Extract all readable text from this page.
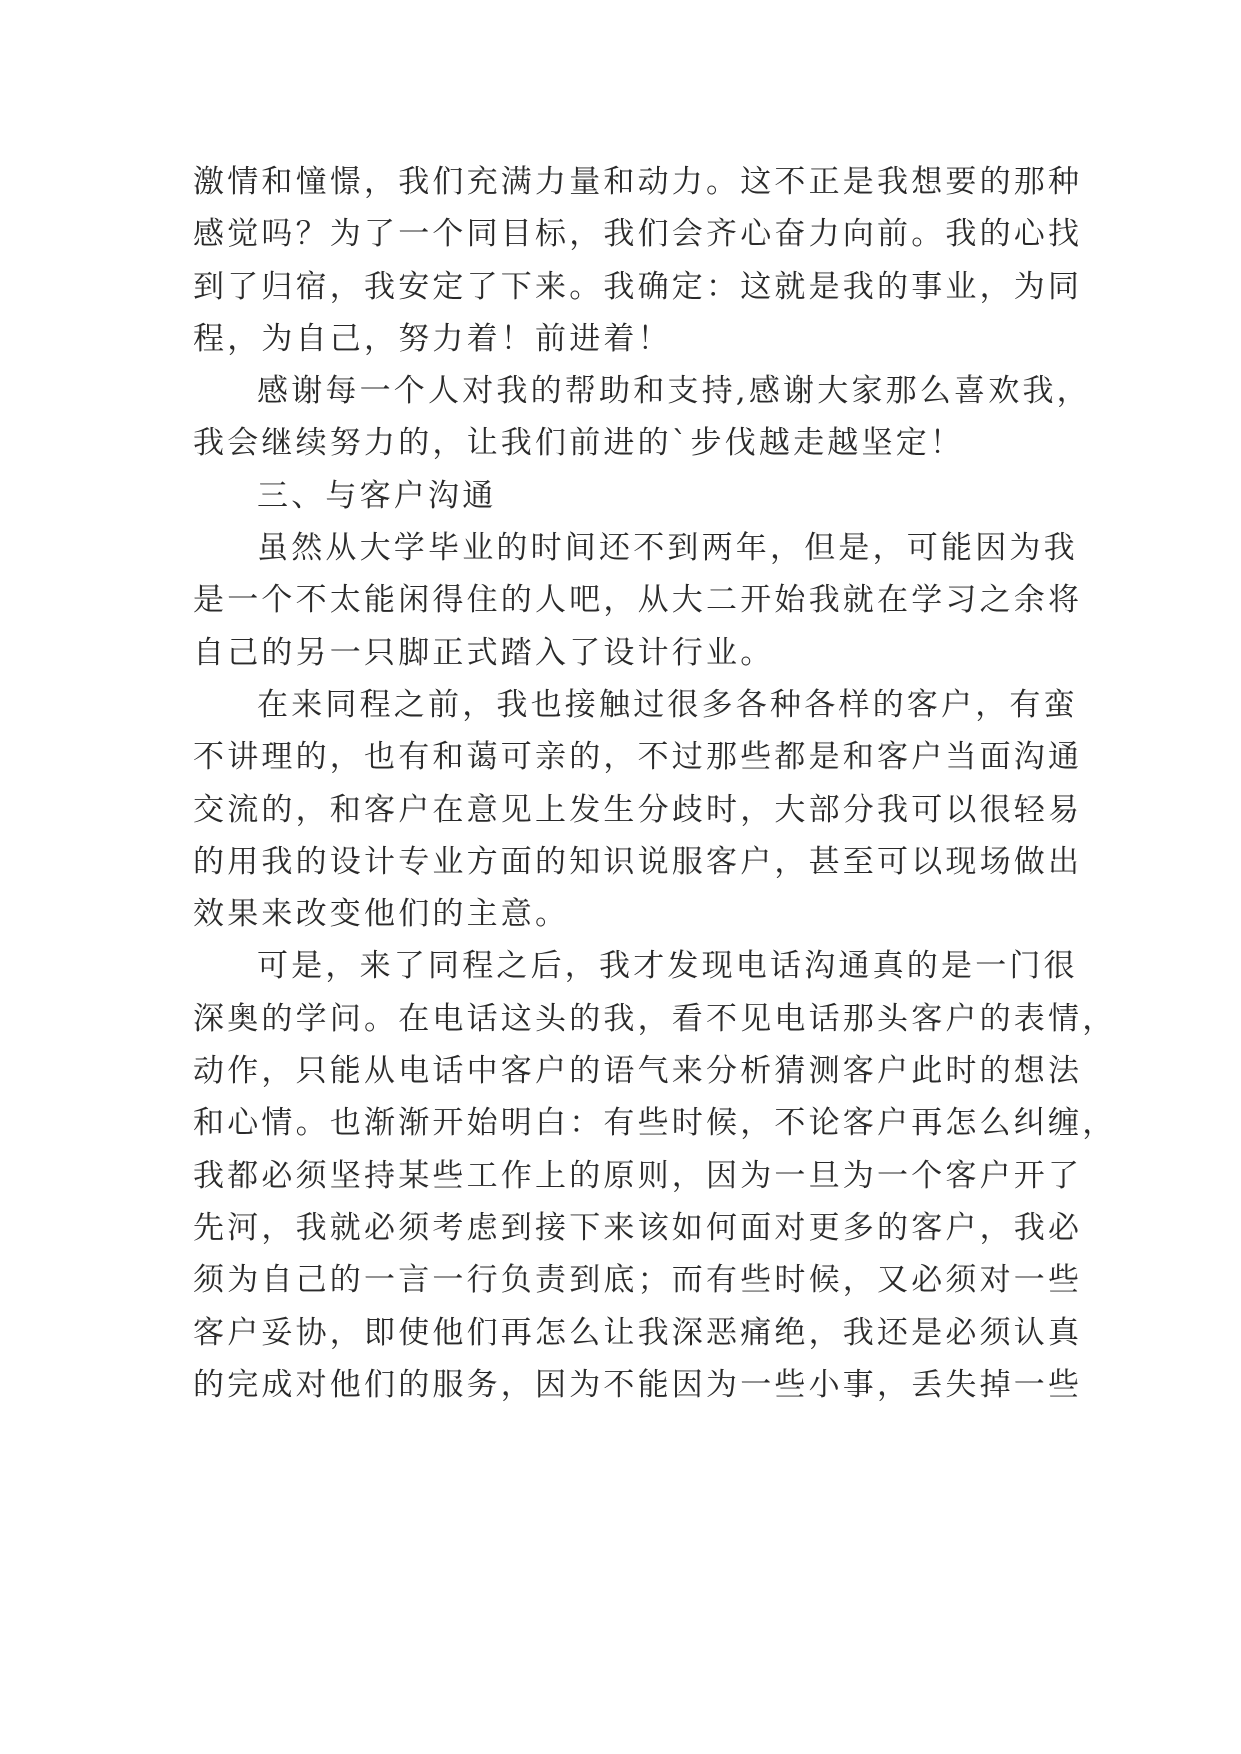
激情和憧憬，我们充满力量和动力。这不正是我想要的那种
感觉吗？为了一个同目标，我们会齐心奋力向前。我的心找
到了归宿，我安定了下来。我确定：这就是我的事业，为同
程，为自己，努力着！前进着！
感谢每一个人对我的帮助和支持,感谢大家那么喜欢我，
我会继续努力的，让我们前进的`步伐越走越坚定！
三、与客户沟通
虽然从大学毕业的时间还不到两年，但是，可能因为我
是一个不太能闲得住的人吧，从大二开始我就在学习之余将
自己的另一只脚正式踏入了设计行业。
在来同程之前，我也接触过很多各种各样的客户，有蛮
不讲理的，也有和蔼可亲的，不过那些都是和客户当面沟通
交流的，和客户在意见上发生分歧时，大部分我可以很轻易
的用我的设计专业方面的知识说服客户，甚至可以现场做出
效果来改变他们的主意。
可是，来了同程之后，我才发现电话沟通真的是一门很
深奥的学问。在电话这头的我，看不见电话那头客户的表情，
动作，只能从电话中客户的语气来分析猜测客户此时的想法
和心情。也渐渐开始明白：有些时候，不论客户再怎么纠缠，
我都必须坚持某些工作上的原则，因为一旦为一个客户开了
先河，我就必须考虑到接下来该如何面对更多的客户，我必
须为自己的一言一行负责到底；而有些时候，又必须对一些
客户妥协，即使他们再怎么让我深恶痛绝，我还是必须认真
的完成对他们的服务，因为不能因为一些小事，丢失掉一些
